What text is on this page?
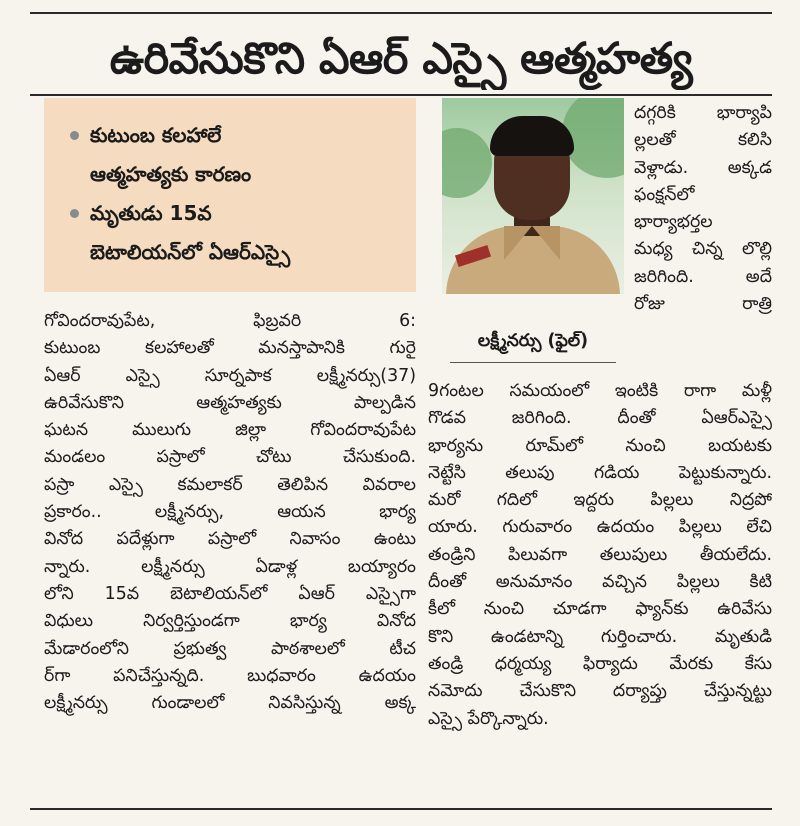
ఉరివేసుకొని ఏఆర్ ఎస్సై ఆత్మహత్య
కుటుంబ కలహాలే
ఆత్మహత్యకు కారణం
మృతుడు 15వ
బెటాలియన్‌లో ఏఆర్ఎస్సై
లక్ష్మీనర్సు (ఫైల్)
గోవిందరావుపేట, ఫిబ్రవరి 6:
కుటుంబ కలహాలతో మనస్తాపానికి గురై
ఏఆర్ ఎస్సై సూర్నపాక లక్ష్మీనర్సు(37)
ఉరివేసుకొని ఆత్మహత్యకు పాల్పడిన
ఘటన ములుగు జిల్లా గోవిందరావుపేట
మండలం పస్రాలో చోటు చేసుకుంది.
పస్రా ఎస్సై కమలాకర్ తెలిపిన వివరాల
ప్రకారం.. లక్ష్మీనర్సు, ఆయన భార్య
వినోద పదేళ్లుగా పస్రాలో నివాసం ఉంటు
న్నారు. లక్ష్మీనర్సు ఏడాళ్ల బయ్యారం
లోని 15వ బెటాలియన్‌లో ఏఆర్ ఎస్సైగా
విధులు నిర్వర్తిస్తుండగా భార్య వినోద
మేడారంలోని ప్రభుత్వ పాఠశాలలో టీచ
ర్‌గా పనిచేస్తున్నది. బుధవారం ఉదయం
లక్ష్మీనర్సు గుండాలలో నివసిస్తున్న అక్క
దగ్గరికి భార్యాపి
ల్లలతో కలిసి
వెళ్లాడు. అక్కడ
ఫంక్షన్‌లో
భార్యాభర్తల
మధ్య చిన్న లొల్లి
జరిగింది. అదే
రోజు రాత్రి
9గంటల సమయంలో ఇంటికి రాగా మళ్లీ
గొడవ జరిగింది. దీంతో ఏఆర్ఎస్సై
భార్యను రూమ్‌లో నుంచి బయటకు
నెట్టేసి తలుపు గడియ పెట్టుకున్నారు.
మరో గదిలో ఇద్దరు పిల్లలు నిద్రపో
యారు. గురువారం ఉదయం పిల్లలు లేచి
తండ్రిని పిలువగా తలుపులు తీయలేదు.
దీంతో అనుమానం వచ్చిన పిల్లలు కిటి
కీలో నుంచి చూడగా ఫ్యాన్‌కు ఉరివేసు
కొని ఉండటాన్ని గుర్తించారు. మృతుడి
తండ్రి ధర్మయ్య ఫిర్యాదు మేరకు కేసు
నమోదు చేసుకొని దర్యాప్తు చేస్తున్నట్టు
ఎస్సై పేర్కొన్నారు.
